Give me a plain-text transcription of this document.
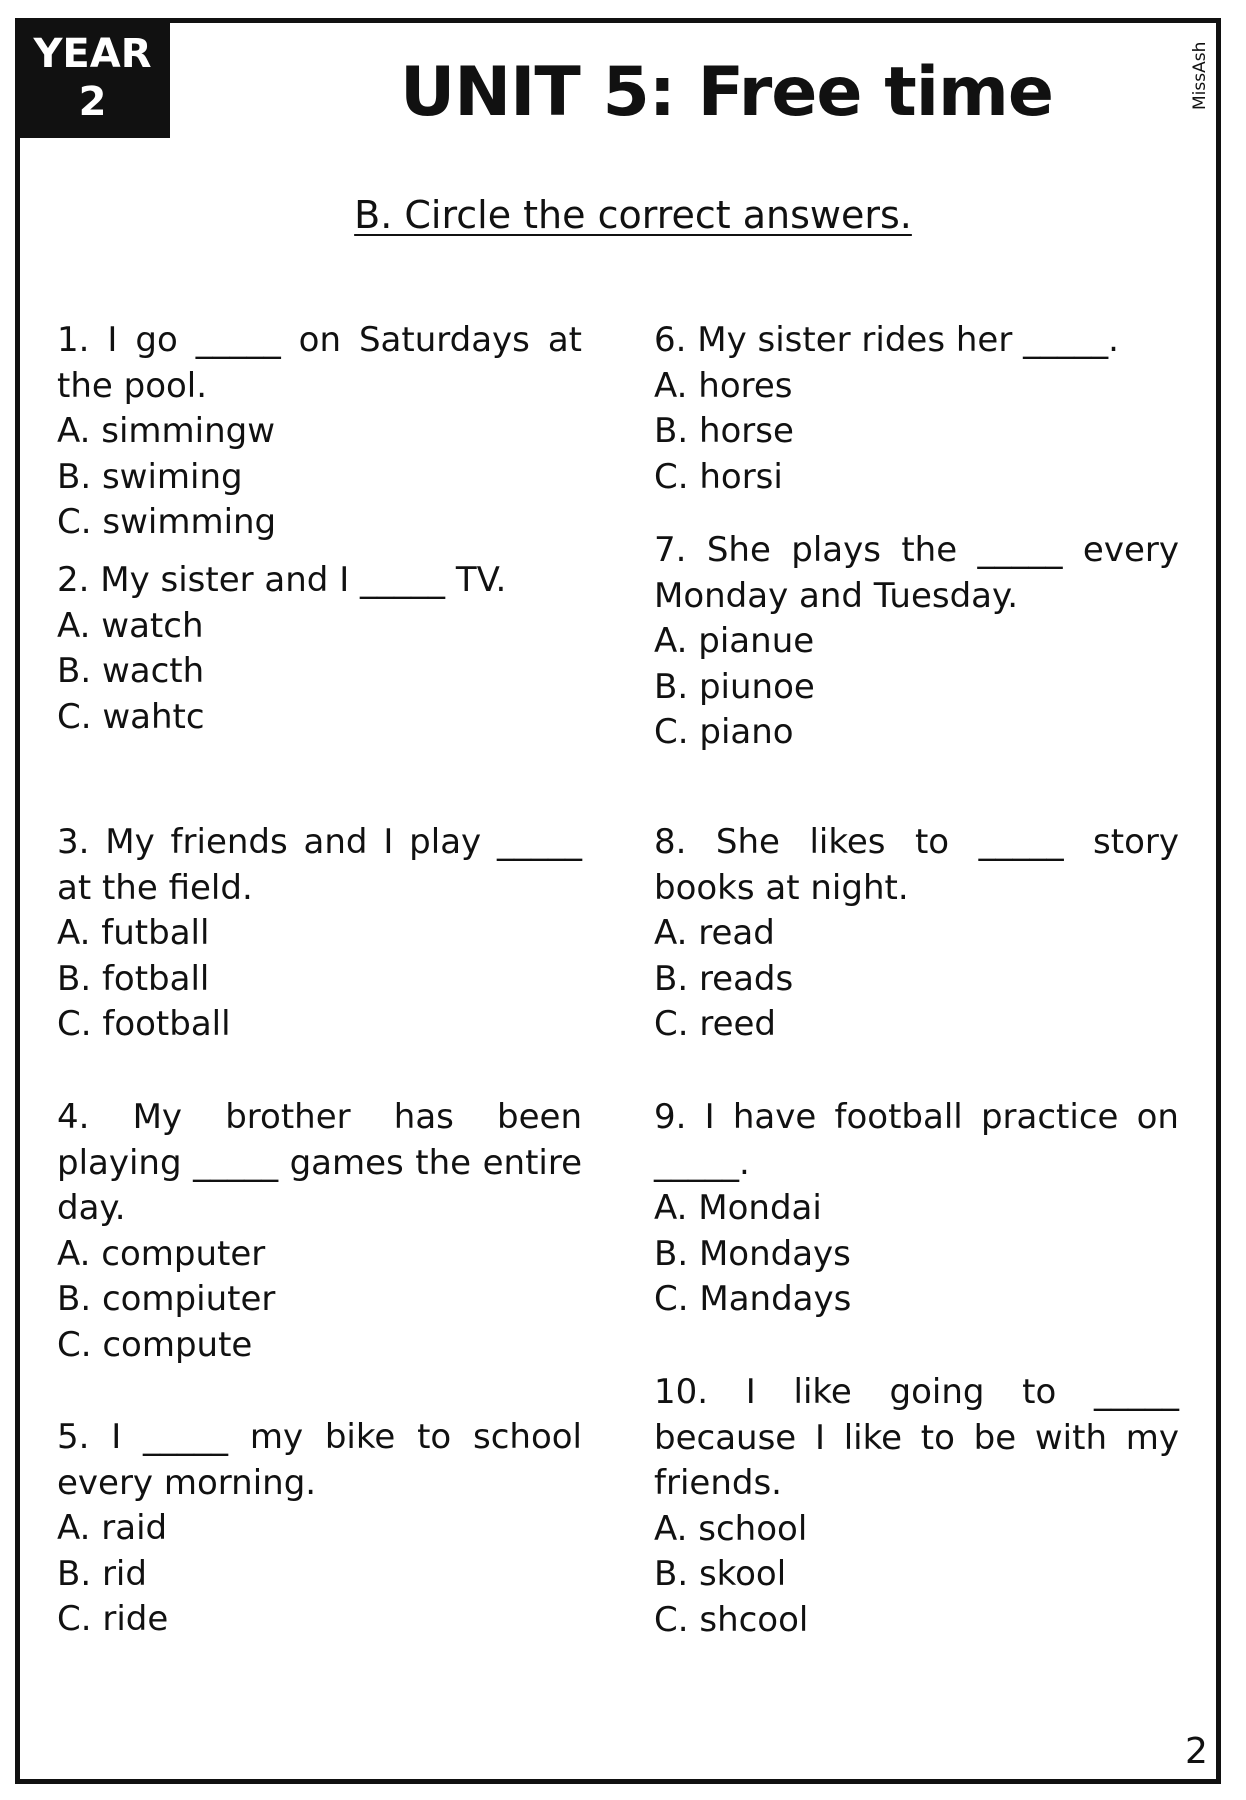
YEAR
2	UNIT 5: Free time	MissAsh
B. Circle the correct answers.
1. I go _____ on Saturdays at the pool.
A. simmingw
B. swiming
C. swimming
2. My sister and I _____ TV.
A. watch
B. wacth
C. wahtc
3. My friends and I play _____ at the field.
A. futball
B. fotball
C. football
4. My brother has been playing _____ games the entire day.
A. computer
B. compiuter
C. compute
5. I _____ my bike to school every morning.
A. raid
B. rid
C. ride
6. My sister rides her _____.
A. hores
B. horse
C. horsi
7. She plays the _____ every Monday and Tuesday.
A. pianue
B. piunoe
C. piano
8. She likes to _____ story books at night.
A. read
B. reads
C. reed
9. I have football practice on _____.
A. Mondai
B. Mondays
C. Mandays
10. I like going to _____ because I like to be with my friends.
A. school
B. skool
C. shcool
2
